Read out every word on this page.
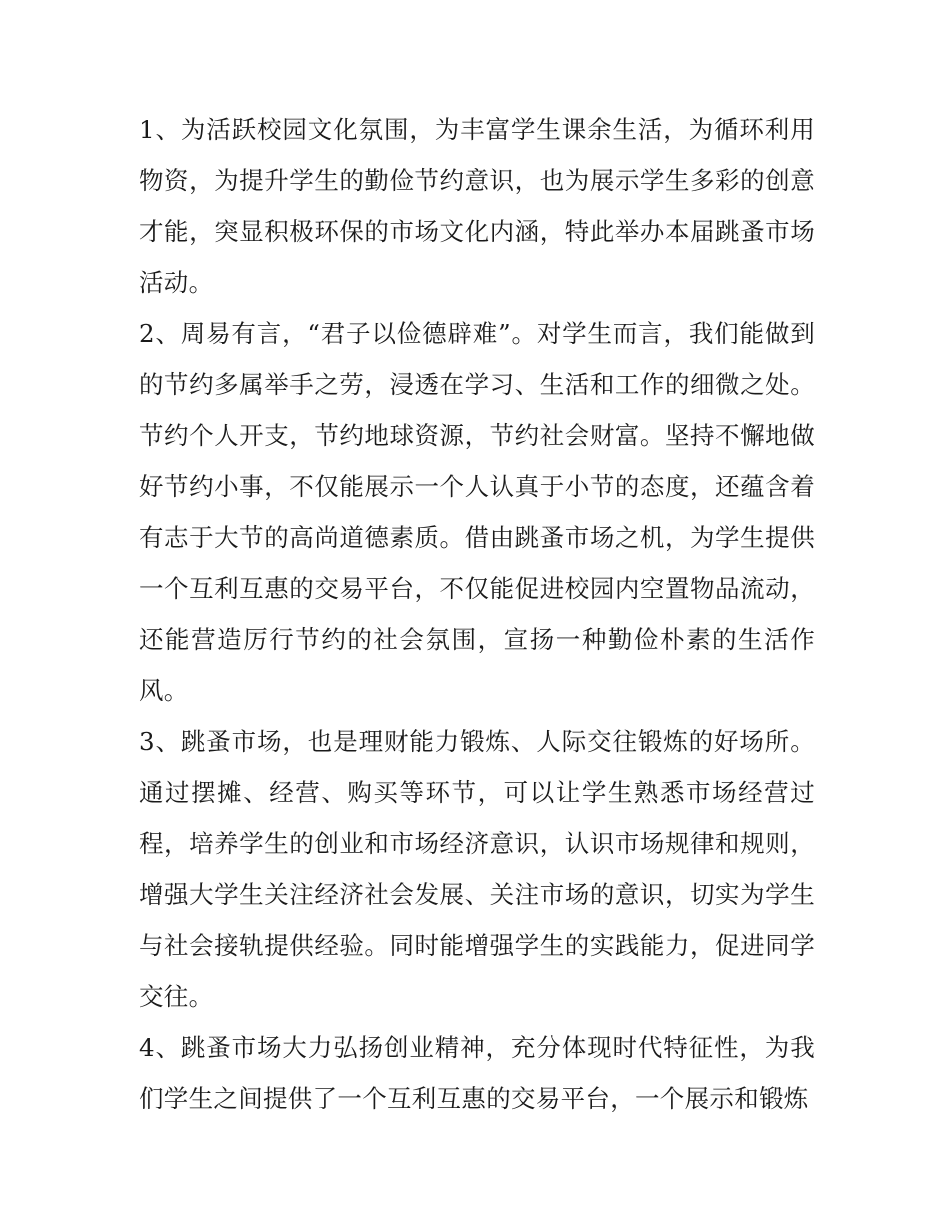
1、为活跃校园文化氛围，为丰富学生课余生活，为循环利用物资，为提升学生的勤俭节约意识，也为展示学生多彩的创意才能，突显积极环保的市场文化内涵，特此举办本届跳蚤市场活动。

2、周易有言，“君子以俭德辟难”。对学生而言，我们能做到的节约多属举手之劳，浸透在学习、生活和工作的细微之处。节约个人开支，节约地球资源，节约社会财富。坚持不懈地做好节约小事，不仅能展示一个人认真于小节的态度，还蕴含着有志于大节的高尚道德素质。借由跳蚤市场之机，为学生提供一个互利互惠的交易平台，不仅能促进校园内空置物品流动，还能营造厉行节约的社会氛围，宣扬一种勤俭朴素的生活作风。

3、跳蚤市场，也是理财能力锻炼、人际交往锻炼的好场所。通过摆摊、经营、购买等环节，可以让学生熟悉市场经营过程，培养学生的创业和市场经济意识，认识市场规律和规则，增强大学生关注经济社会发展、关注市场的意识，切实为学生与社会接轨提供经验。同时能增强学生的实践能力，促进同学交往。

4、跳蚤市场大力弘扬创业精神，充分体现时代特征性，为我们学生之间提供了一个互利互惠的交易平台，一个展示和锻炼
